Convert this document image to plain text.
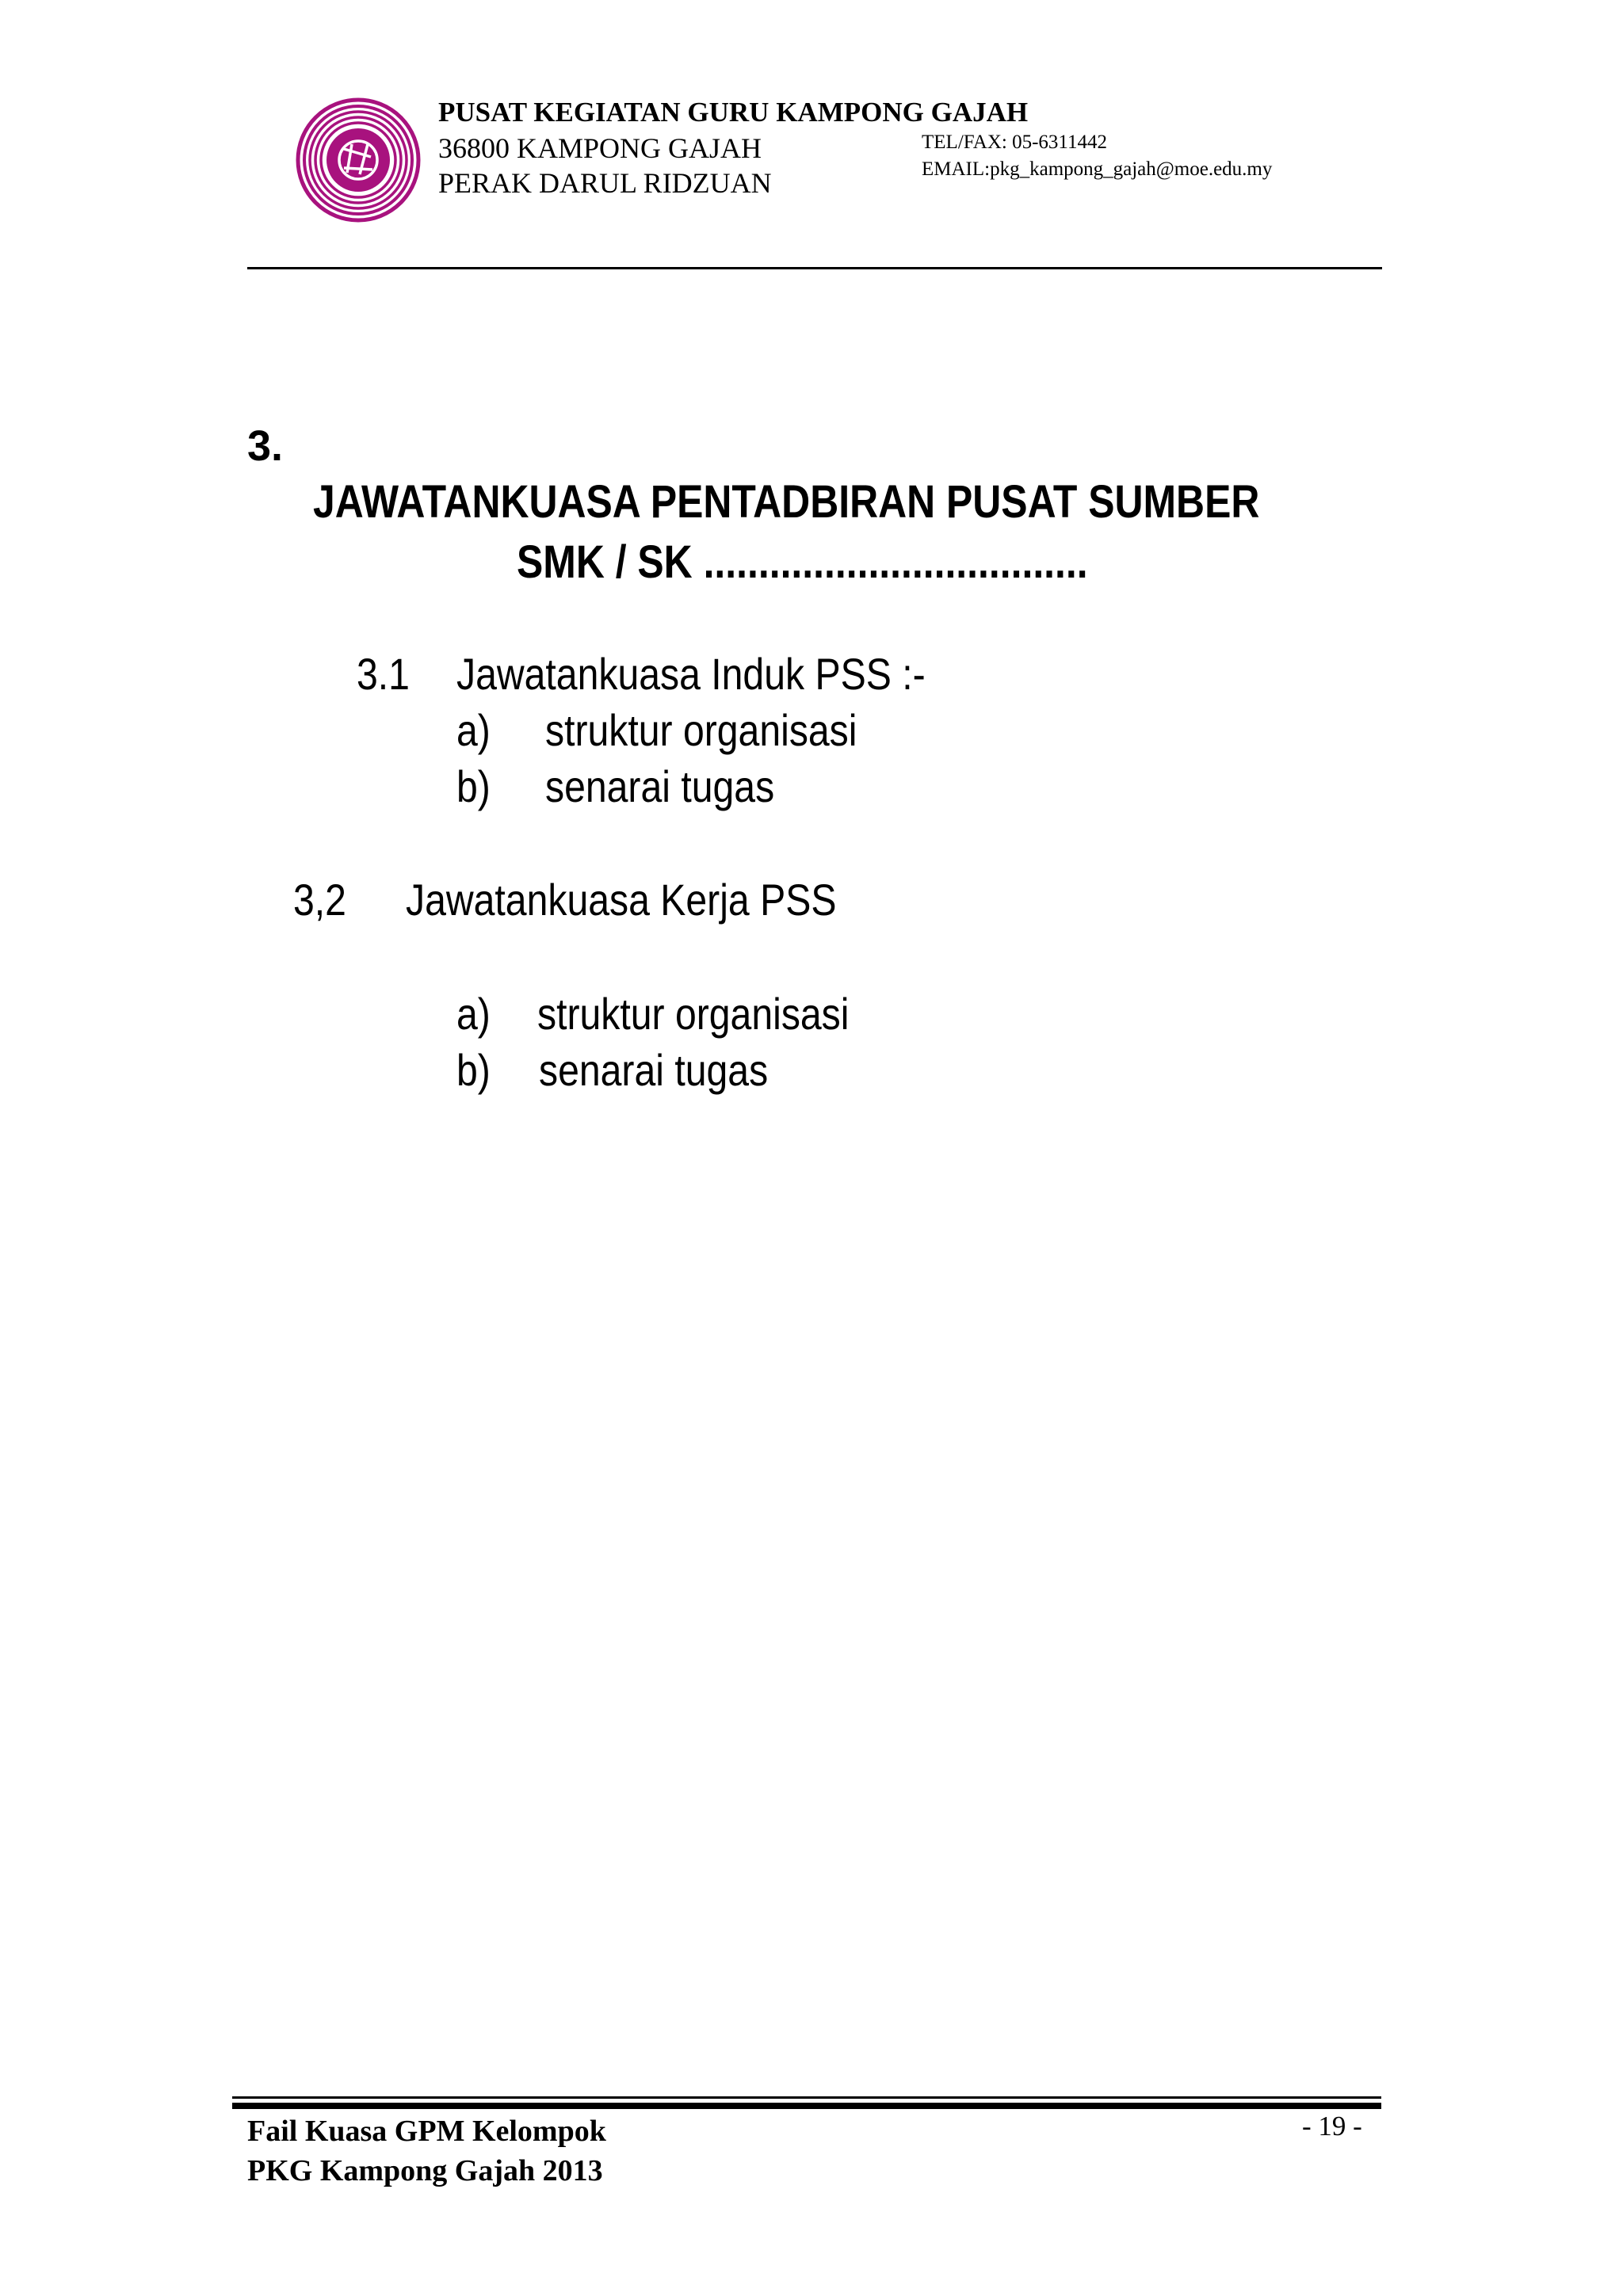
PUSAT KEGIATAN GURU KAMPONG GAJAH
36800 KAMPONG GAJAH
PERAK DARUL RIDZUAN
TEL/FAX: 05-6311442
EMAIL:pkg_kampong_gajah@moe.edu.my
3.
JAWATANKUASA PENTADBIRAN PUSAT SUMBER
SMK / SK ...................................
3.1 Jawatankuasa Induk PSS :-
a) struktur organisasi
b) senarai tugas
3,2 Jawatankuasa Kerja PSS
a) struktur organisasi
b) senarai tugas
Fail Kuasa GPM Kelompok
PKG Kampong Gajah 2013
- 19 -
